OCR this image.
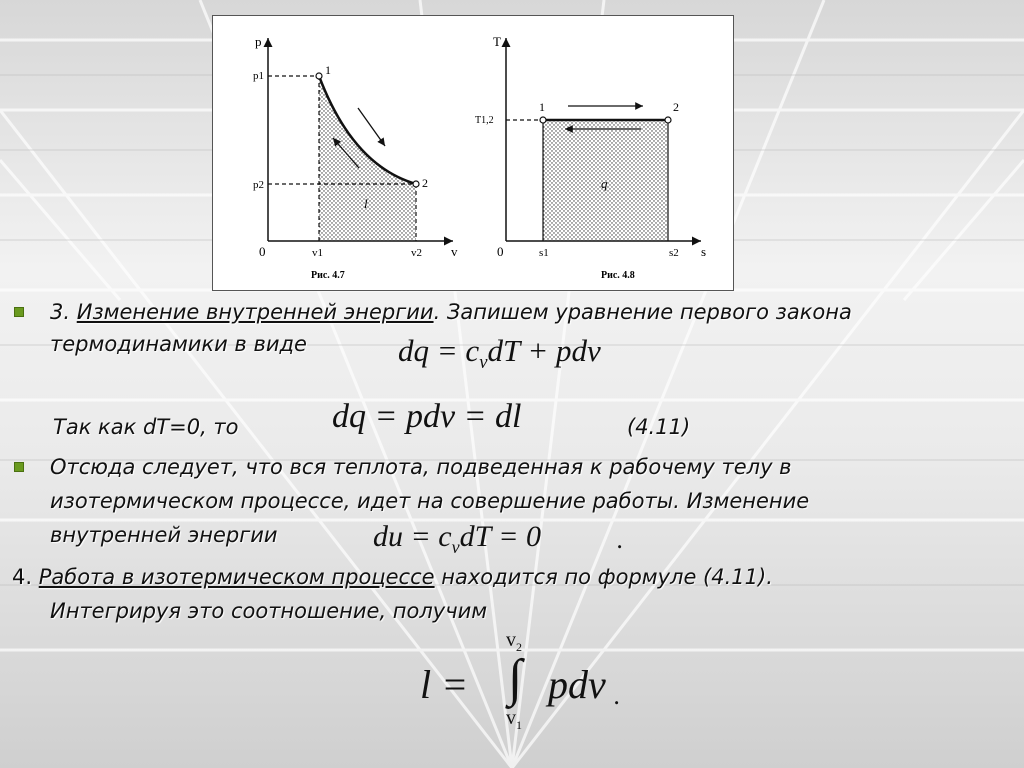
p
v
0
p1
p2
v1	v2
1
2
l
Рис. 4.7
T
s
0
T1,2
s1	s2
1	2
q
Рис. 4.8
3. Изменение внутренней энергии. Запишем уравнение первого закона
термодинамики в виде	dq = $c_vdT$ + pdv
Так как dT=0, то	dq = pdv = dl	(4.11)
Отсюда следует, что вся теплота, подведенная к рабочему телу в
изотермическом процессе, идет на совершение работы. Изменение
внутренней энергии	du = $c_vdT = 0$	.
4. Работа в изотермическом процессе находится по формуле (4.11).
Интегрируя это соотношение, получим
l =
$v_2$
∫
$v_1$
pdv .
